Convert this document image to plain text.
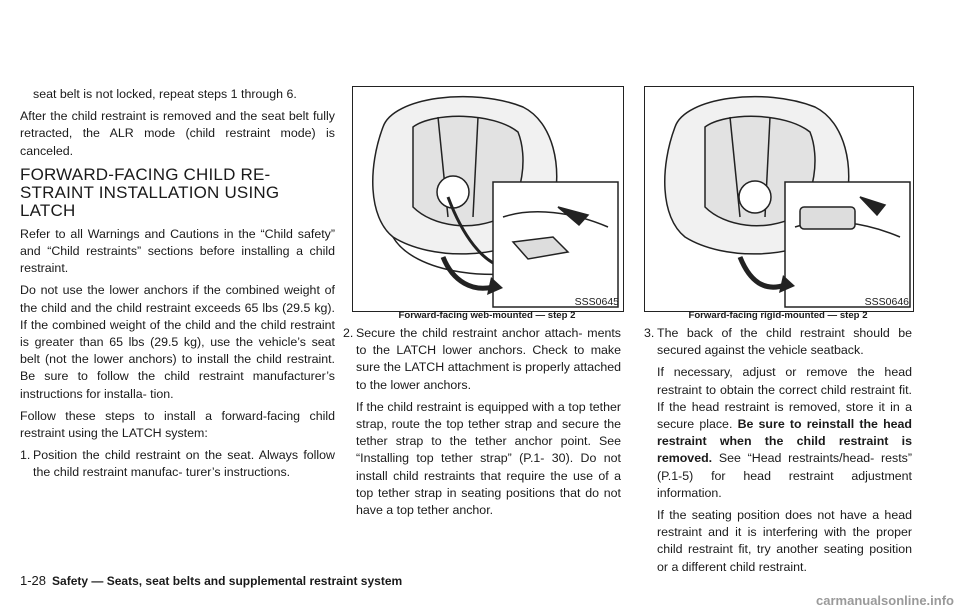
seat belt is not locked, repeat steps 1 through 6.

After the child restraint is removed and the seat belt fully retracted, the ALR mode (child restraint mode) is canceled.

FORWARD-FACING CHILD RE- STRAINT INSTALLATION USING LATCH

Refer to all Warnings and Cautions in the “Child safety” and “Child restraints” sections before installing a child restraint.

Do not use the lower anchors if the combined weight of the child and the child restraint exceeds 65 lbs (29.5 kg). If the combined weight of the child and the child restraint is greater than 65 lbs (29.5 kg), use the vehicle’s seat belt (not the lower anchors) to install the child restraint. Be sure to follow the child restraint manufacturer’s instructions for installa- tion.

Follow these steps to install a forward-facing child restraint using the LATCH system:

1. Position the child restraint on the seat. Always follow the child restraint manufac- turer’s instructions.

SSS0645
Forward-facing web-mounted — step 2

2. Secure the child restraint anchor attach- ments to the LATCH lower anchors. Check to make sure the LATCH attachment is properly attached to the lower anchors.

If the child restraint is equipped with a top tether strap, route the top tether strap and secure the tether strap to the tether anchor point. See “Installing top tether strap” (P.1- 30). Do not install child restraints that require the use of a top tether strap in seating positions that do not have a top tether anchor.

SSS0646
Forward-facing rigid-mounted — step 2

3. The back of the child restraint should be secured against the vehicle seatback.

If necessary, adjust or remove the head restraint to obtain the correct child restraint fit. If the head restraint is removed, store it in a secure place. Be sure to reinstall the head restraint when the child restraint is removed. See “Head restraints/head- rests” (P.1-5) for head restraint adjustment information.

If the seating position does not have a head restraint and it is interfering with the proper child restraint fit, try another seating position or a different child restraint.

1-28 Safety — Seats, seat belts and supplemental restraint system
carmanualsonline.info
